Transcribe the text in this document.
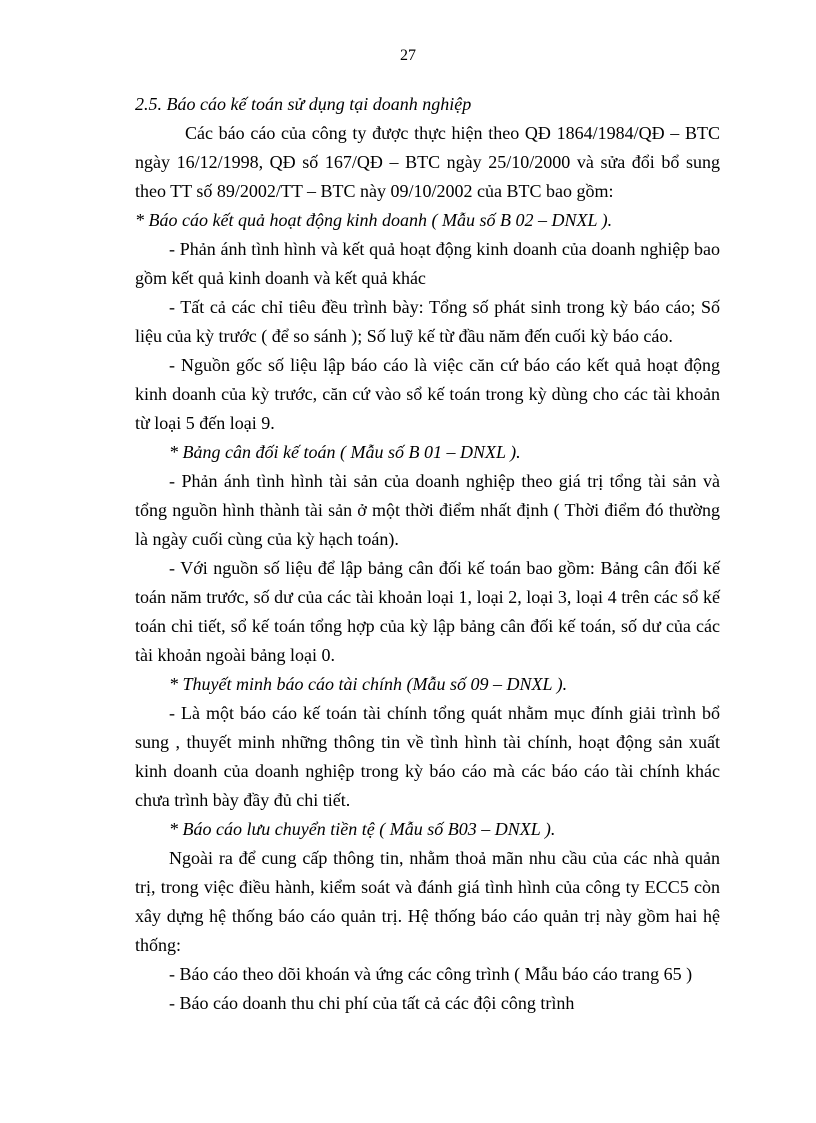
27

2.5. Báo cáo kế toán sử dụng tại doanh nghiệp

Các báo cáo của công ty được thực hiện theo QĐ 1864/1984/QĐ – BTC ngày 16/12/1998, QĐ số 167/QĐ – BTC ngày 25/10/2000 và sửa đổi bổ sung theo TT số 89/2002/TT – BTC này 09/10/2002 của BTC bao gồm:

* Báo cáo kết quả hoạt động kinh doanh ( Mẫu số B 02 – DNXL ).

- Phản ánh tình hình và kết quả hoạt động kinh doanh của doanh nghiệp bao gồm kết quả kinh doanh và kết quả khác

- Tất cả các chỉ tiêu đều trình bày: Tổng số phát sinh trong kỳ báo cáo; Số liệu của kỳ trước ( để so sánh ); Số luỹ kế từ đầu năm đến cuối kỳ báo cáo.

- Nguồn gốc số liệu lập báo cáo là việc căn cứ báo cáo kết quả hoạt động kinh doanh của kỳ trước, căn cứ vào sổ kế toán trong kỳ dùng cho các tài khoản từ loại 5 đến loại 9.

* Bảng cân đối kế toán ( Mẫu số B 01 – DNXL ).

- Phản ánh tình hình tài sản của doanh nghiệp theo giá trị tổng tài sản và tổng nguồn hình thành tài sản ở một thời điểm nhất định ( Thời điểm đó thường là ngày cuối cùng của kỳ hạch toán).

- Với nguồn số liệu để lập bảng cân đối kế toán bao gồm: Bảng cân đối kế toán năm trước, số dư của các tài khoản loại 1, loại 2, loại 3, loại 4 trên các sổ kế toán chi tiết, sổ kế toán tổng hợp của kỳ lập bảng cân đối kế toán, số dư của các tài khoản ngoài bảng loại 0.

* Thuyết minh báo cáo tài chính (Mẫu số 09 – DNXL ).

- Là một báo cáo kế toán tài chính tổng quát nhằm mục đính giải trình bổ sung , thuyết minh những thông tin về tình hình tài chính, hoạt động sản xuất kinh doanh của doanh nghiệp trong kỳ báo cáo mà các báo cáo tài chính khác chưa trình bày đầy đủ chi tiết.

* Báo cáo lưu chuyển tiền tệ ( Mẫu số B03 – DNXL ).

Ngoài ra để cung cấp thông tin, nhằm thoả mãn nhu cầu của các nhà quản trị, trong việc điều hành, kiểm soát và đánh giá tình hình của công ty ECC5 còn xây dựng hệ thống báo cáo quản trị. Hệ thống báo cáo quản trị này gồm hai hệ thống:

- Báo cáo theo dõi khoán và ứng các công trình ( Mẫu báo cáo trang 65 )

- Báo cáo doanh thu chi phí của tất cả các đội công trình
